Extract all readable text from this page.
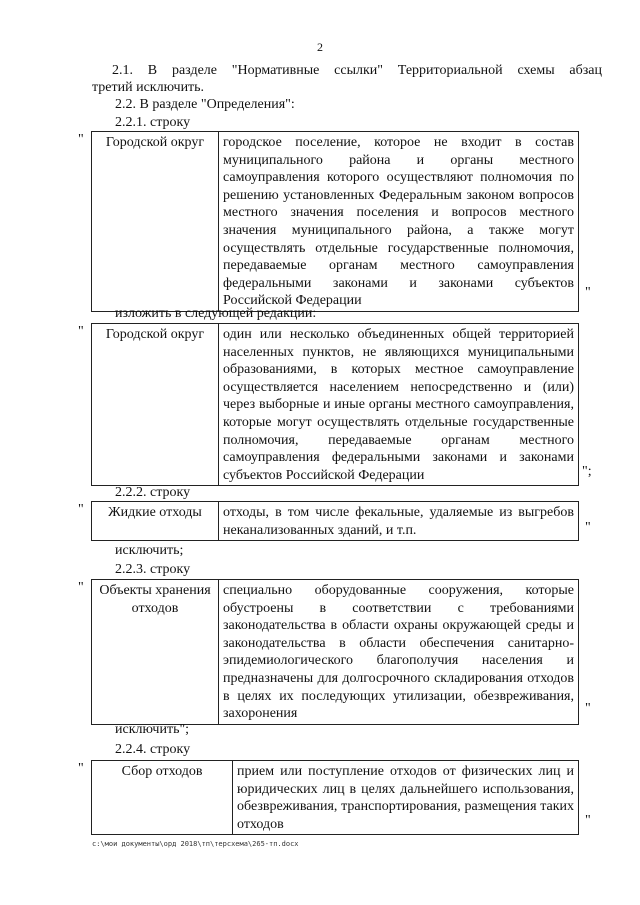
2
2.1. В разделе "Нормативные ссылки" Территориальной схемы абзац
третий исключить.
2.2. В разделе "Определения":
2.2.1. строку
" Городской округ	городское поселение, которое не входит в состав муниципального района и органы местного самоуправления которого осуществляют полномочия по решению установленных Федеральным законом вопросов местного значения поселения и вопросов местного значения муниципального района, а также могут осуществлять отдельные государственные полномочия, передаваемые органам местного самоуправления федеральными законами и законами субъектов Российской Федерации
"
изложить в следующей редакции:
" Городской округ	один или несколько объединенных общей территорией населенных пунктов, не являющихся муниципальными образованиями, в которых местное самоуправление осуществляется населением непосредственно и (или) через выборные и иные органы местного самоуправления, которые могут осуществлять отдельные государственные полномочия, передаваемые органам местного самоуправления федеральными законами и законами субъектов Российской Федерации	";
2.2.2. строку
" Жидкие отходы	отходы, в том числе фекальные, удаляемые из выгребов неканализованных зданий, и т.п.	"
исключить;
2.2.3. строку
" Объекты хранения отходов	специально оборудованные сооружения, которые обустроены в соответствии с требованиями законодательства в области охраны окружающей среды и законодательства в области обеспечения санитарно-эпидемиологического благополучия населения и предназначены для долгосрочного складирования отходов в целях их последующих утилизации, обезвреживания, захоронения	"
исключить";
2.2.4. строку
"	Сбор отходов	прием или поступление отходов от физических лиц и юридических лиц в целях дальнейшего использования, обезвреживания, транспортирования, размещения таких отходов	"
c:\мои документы\орд 2018\тп\терсхема\265-тп.docx
